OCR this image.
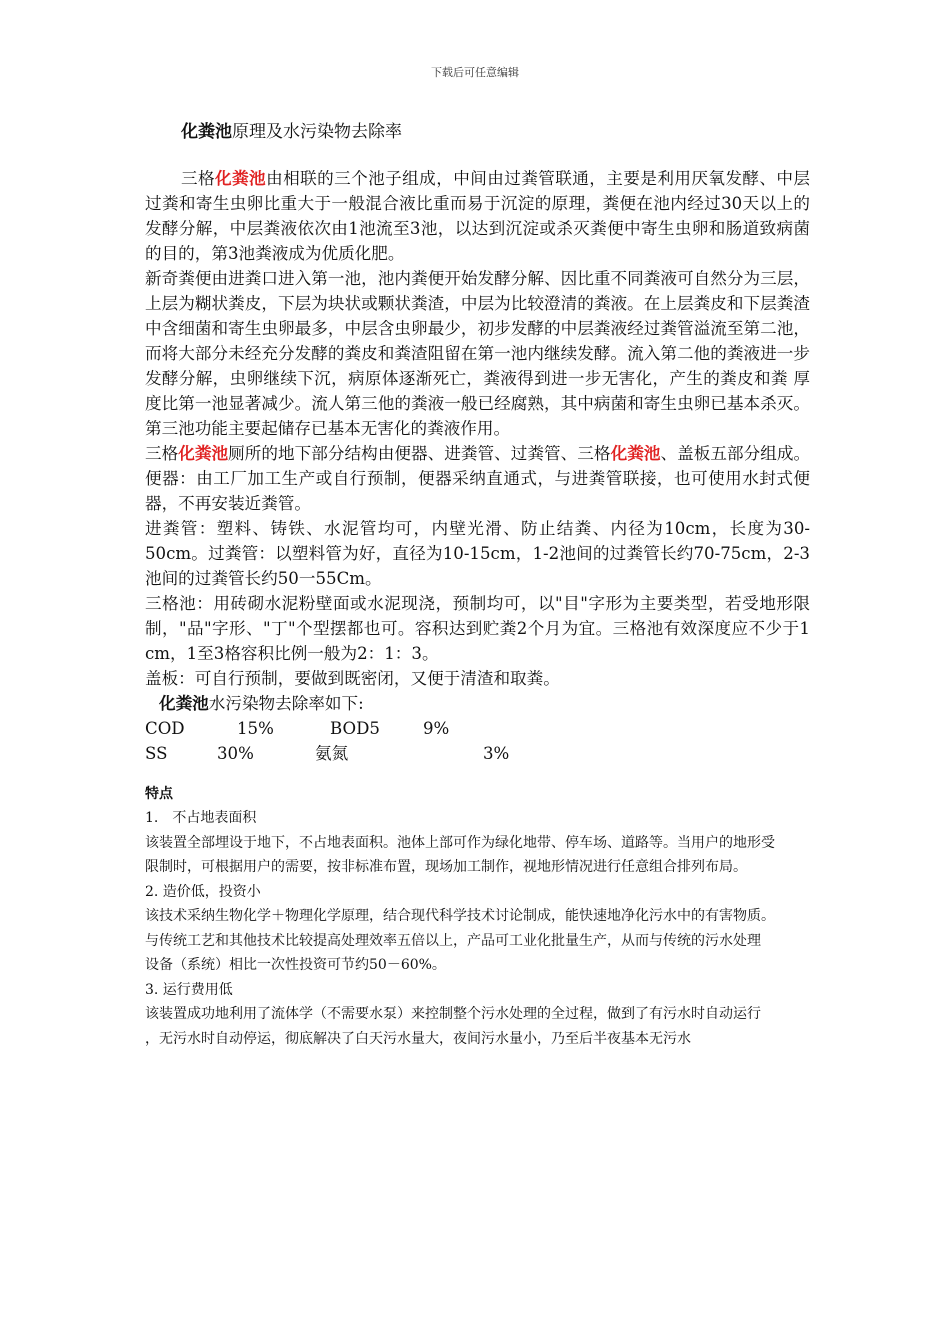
下载后可任意编辑

化粪池原理及水污染物去除率

三格化粪池由相联的三个池子组成，中间由过粪管联通，主要是利用厌氧发酵、中层过粪和寄生虫卵比重大于一般混合液比重而易于沉淀的原理，粪便在池内经过30天以上的发酵分解，中层粪液依次由1池流至3池，以达到沉淀或杀灭粪便中寄生虫卵和肠道致病菌的目的，第3池粪液成为优质化肥。

新奇粪便由进粪口进入第一池，池内粪便开始发酵分解、因比重不同粪液可自然分为三层，上层为糊状粪皮，下层为块状或颗状粪渣，中层为比较澄清的粪液。在上层粪皮和下层粪渣中含细菌和寄生虫卵最多，中层含虫卵最少，初步发酵的中层粪液经过粪管溢流至第二池，而将大部分未经充分发酵的粪皮和粪渣阻留在第一池内继续发酵。流入第二他的粪液进一步发酵分解，虫卵继续下沉，病原体逐渐死亡，粪液得到进一步无害化，产生的粪皮和粪 厚度比第一池显著减少。流人第三他的粪液一般已经腐熟，其中病菌和寄生虫卵已基本杀灭。第三池功能主要起储存已基本无害化的粪液作用。

三格化粪池厕所的地下部分结构由便器、进粪管、过粪管、三格化粪池、盖板五部分组成。便器：由工厂加工生产或自行预制，便器采纳直通式，与进粪管联接，也可使用水封式便器，不再安装近粪管。

进粪管：塑料、铸铁、水泥管均可，内壁光滑、防止结粪、内径为10cm，长度为30-50cm。过粪管：以塑料管为好，直径为10-15cm，1-2池间的过粪管长约70-75cm，2-3池间的过粪管长约50一55Cm。

三格池：用砖砌水泥粉壁面或水泥现浇，预制均可，以"目"字形为主要类型，若受地形限制，"品"字形、"丁"个型摆都也可。容积达到贮粪2个月为宜。三格池有效深度应不少于1 cm，1至3格容积比例一般为2：1：3。

盖板：可自行预制，要做到既密闭，又便于清渣和取粪。

化粪池水污染物去除率如下:

COD	15%	BOD5	9%
SS	30%	氨氮	3%

特点

1.　不占地表面积

该装置全部埋设于地下，不占地表面积。池体上部可作为绿化地带、停车场、道路等。当用户的地形受

限制时，可根据用户的需要，按非标准布置，现场加工制作，视地形情况进行任意组合排列布局。

2. 造价低，投资小

该技术采纳生物化学＋物理化学原理，结合现代科学技术讨论制成，能快速地净化污水中的有害物质。

与传统工艺和其他技术比较提高处理效率五倍以上，产品可工业化批量生产，从而与传统的污水处理

设备（系统）相比一次性投资可节约50－60%。

3. 运行费用低

该装置成功地利用了流体学（不需要水泵）来控制整个污水处理的全过程，做到了有污水时自动运行

，无污水时自动停运，彻底解决了白天污水量大，夜间污水量小，乃至后半夜基本无污水
